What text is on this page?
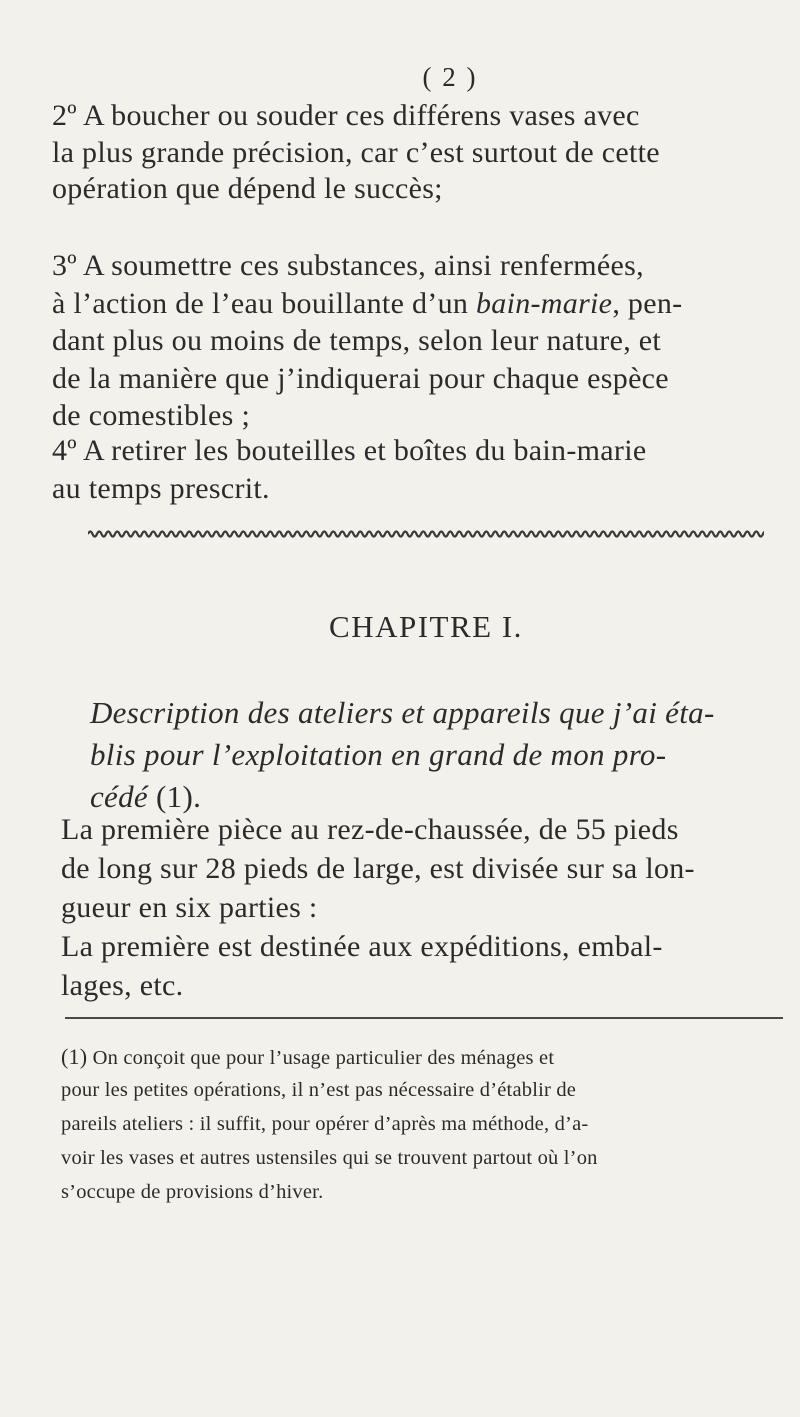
( 2 )
2º A boucher ou souder ces différens vases avec
la plus grande précision, car c’est surtout de cette
opération que dépend le succès;
3º A soumettre ces substances, ainsi renfermées,
à l’action de l’eau bouillante d’un bain-marie, pen-
dant plus ou moins de temps, selon leur nature, et
de la manière que j’indiquerai pour chaque espèce
de comestibles ;
4º A retirer les bouteilles et boîtes du bain-marie
au temps prescrit.
CHAPITRE I.
Description des ateliers et appareils que j’ai éta-
blis pour l’exploitation en grand de mon pro-
cédé (1).
La première pièce au rez-de-chaussée, de 55 pieds
de long sur 28 pieds de large, est divisée sur sa lon-
gueur en six parties :
La première est destinée aux expéditions, embal-
lages, etc.
(1) On conçoit que pour l’usage particulier des ménages et
pour les petites opérations, il n’est pas nécessaire d’établir de
pareils ateliers : il suffit, pour opérer d’après ma méthode, d’a-
voir les vases et autres ustensiles qui se trouvent partout où l’on
s’occupe de provisions d’hiver.
